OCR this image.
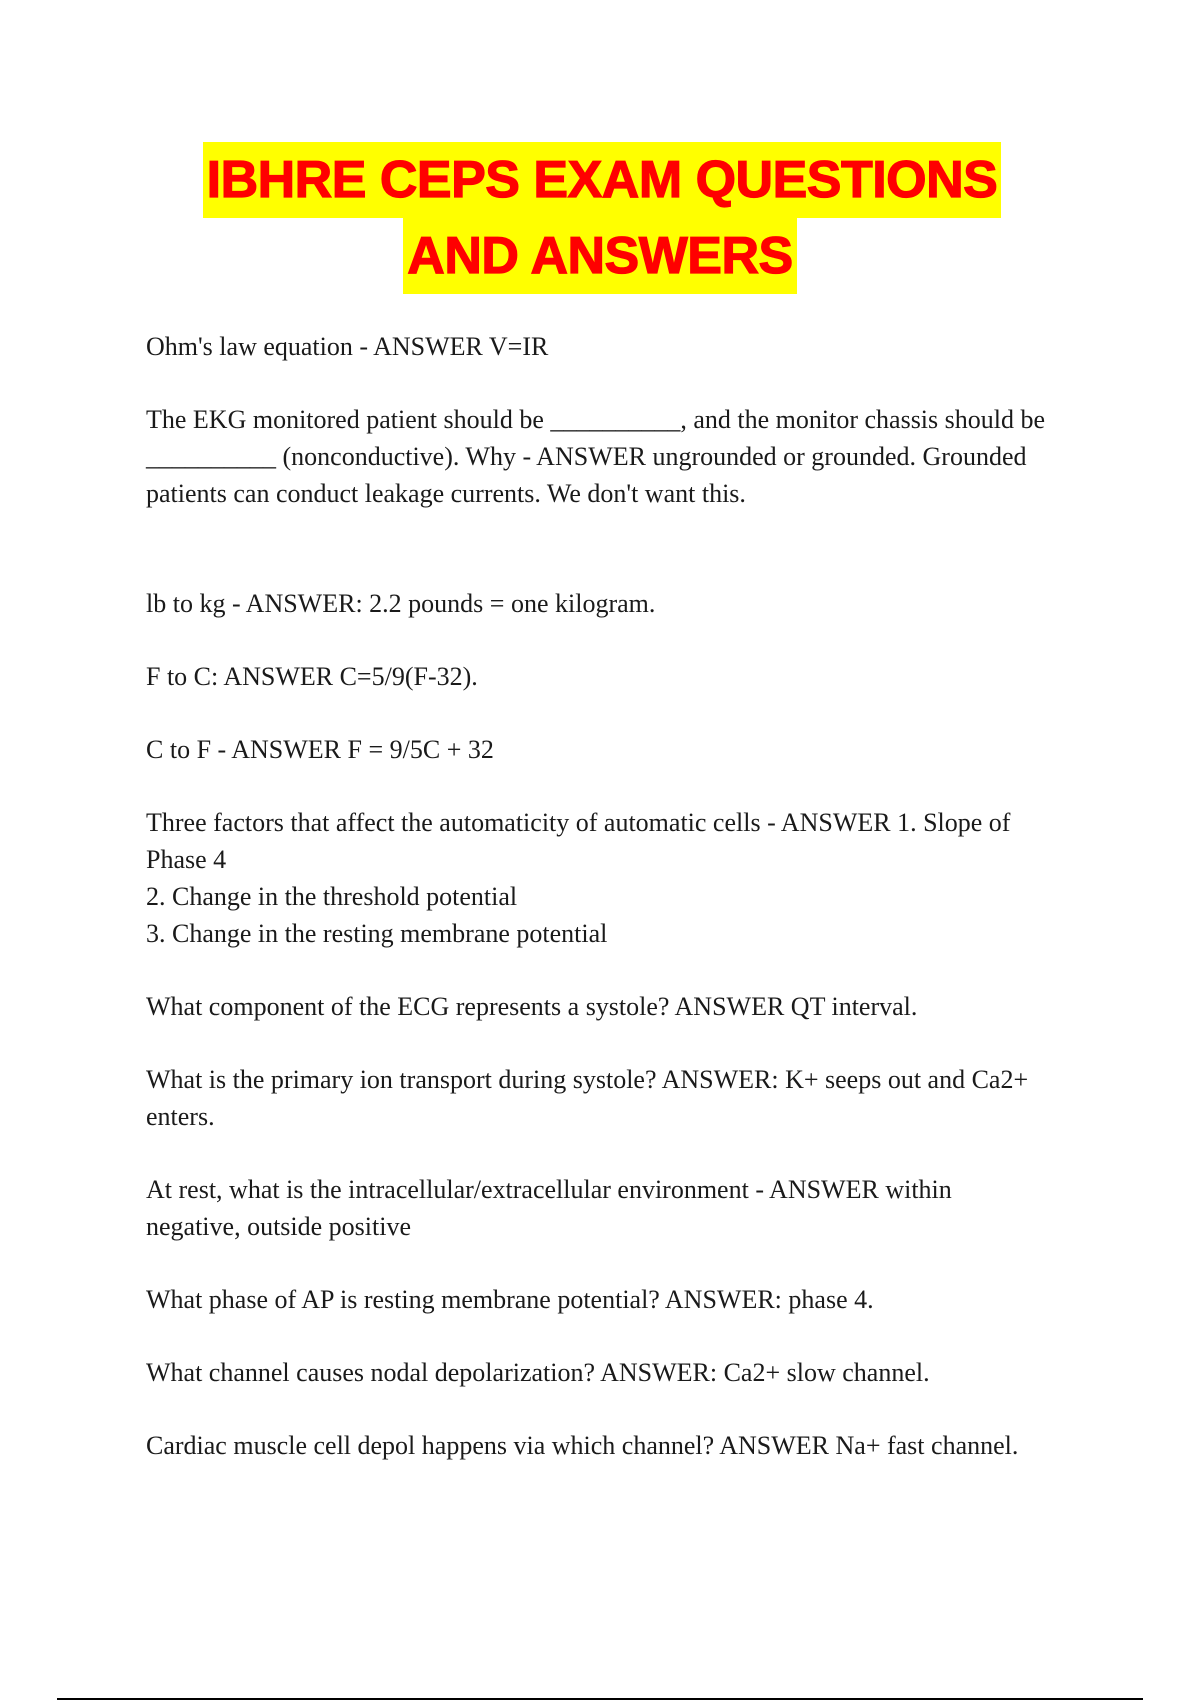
IBHRE CEPS EXAM QUESTIONS
AND ANSWERS

Ohm's law equation - ANSWER V=IR

The EKG monitored patient should be __________, and the monitor chassis should be __________ (nonconductive). Why - ANSWER ungrounded or grounded. Grounded patients can conduct leakage currents. We don't want this.

lb to kg - ANSWER: 2.2 pounds = one kilogram.

F to C: ANSWER C=5/9(F-32).

C to F - ANSWER F = 9/5C + 32

Three factors that affect the automaticity of automatic cells - ANSWER 1. Slope of Phase 4
2. Change in the threshold potential
3. Change in the resting membrane potential

What component of the ECG represents a systole? ANSWER QT interval.

What is the primary ion transport during systole? ANSWER: K+ seeps out and Ca2+ enters.

At rest, what is the intracellular/extracellular environment - ANSWER within negative, outside positive

What phase of AP is resting membrane potential? ANSWER: phase 4.

What channel causes nodal depolarization? ANSWER: Ca2+ slow channel.

Cardiac muscle cell depol happens via which channel? ANSWER Na+ fast channel.
